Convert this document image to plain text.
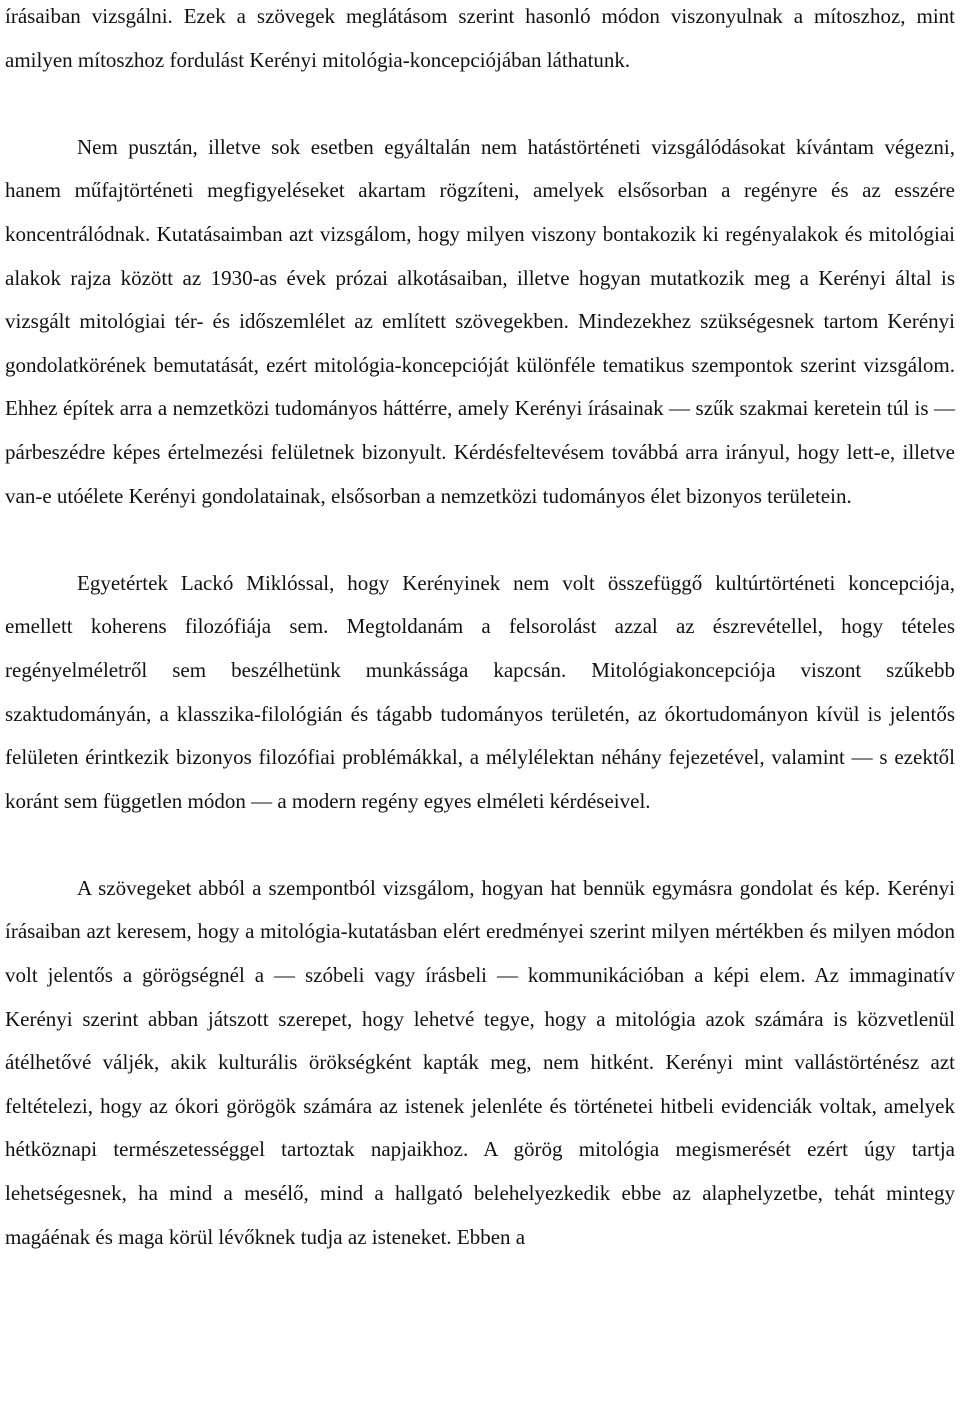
írásaiban vizsgálni. Ezek a szövegek meglátásom szerint hasonló módon viszonyulnak a mítoszhoz, mint amilyen mítoszhoz fordulást Kerényi mitológia-koncepciójában láthatunk.

Nem pusztán, illetve sok esetben egyáltalán nem hatástörténeti vizsgálódásokat kívántam végezni, hanem műfajtörténeti megfigyeléseket akartam rögzíteni, amelyek elsősorban a regényre és az esszére koncentrálódnak. Kutatásaimban azt vizsgálom, hogy milyen viszony bontakozik ki regényalakok és mitológiai alakok rajza között az 1930-as évek prózai alkotásaiban, illetve hogyan mutatkozik meg a Kerényi által is vizsgált mitológiai tér- és időszemlélet az említett szövegekben. Mindezekhez szükségesnek tartom Kerényi gondolatkörének bemutatását, ezért mitológia-koncepcióját különféle tematikus szempontok szerint vizsgálom. Ehhez építek arra a nemzetközi tudományos háttérre, amely Kerényi írásainak — szűk szakmai keretein túl is — párbeszédre képes értelmezési felületnek bizonyult. Kérdésfeltevésem továbbá arra irányul, hogy lett-e, illetve van-e utóélete Kerényi gondolatainak, elsősorban a nemzetközi tudományos élet bizonyos területein.

Egyetértek Lackó Miklóssal, hogy Kerényinek nem volt összefüggő kultúrtörténeti koncepciója, emellett koherens filozófiája sem. Megtoldanám a felsorolást azzal az észrevétellel, hogy tételes regényelméletről sem beszélhetünk munkássága kapcsán. Mitológiakoncepciója viszont szűkebb szaktudományán, a klasszika-filológián és tágabb tudományos területén, az ókortudományon kívül is jelentős felületen érintkezik bizonyos filozófiai problémákkal, a mélylélektan néhány fejezetével, valamint — s ezektől koránt sem független módon — a modern regény egyes elméleti kérdéseivel.

A szövegeket abból a szempontból vizsgálom, hogyan hat bennük egymásra gondolat és kép. Kerényi írásaiban azt keresem, hogy a mitológia-kutatásban elért eredményei szerint milyen mértékben és milyen módon volt jelentős a görögségnél a — szóbeli vagy írásbeli — kommunikációban a képi elem. Az immaginatív Kerényi szerint abban játszott szerepet, hogy lehetvé tegye, hogy a mitológia azok számára is közvetlenül átélhetővé váljék, akik kulturális örökségként kapták meg, nem hitként. Kerényi mint vallástörténész azt feltételezi, hogy az ókori görögök számára az istenek jelenléte és történetei hitbeli evidenciák voltak, amelyek hétköznapi természetességgel tartoztak napjaikhoz. A görög mitológia megismerését ezért úgy tartja lehetségesnek, ha mind a mesélő, mind a hallgató belehelyezkedik ebbe az alaphelyzetbe, tehát mintegy magáénak és maga körül lévőknek tudja az isteneket. Ebben a
